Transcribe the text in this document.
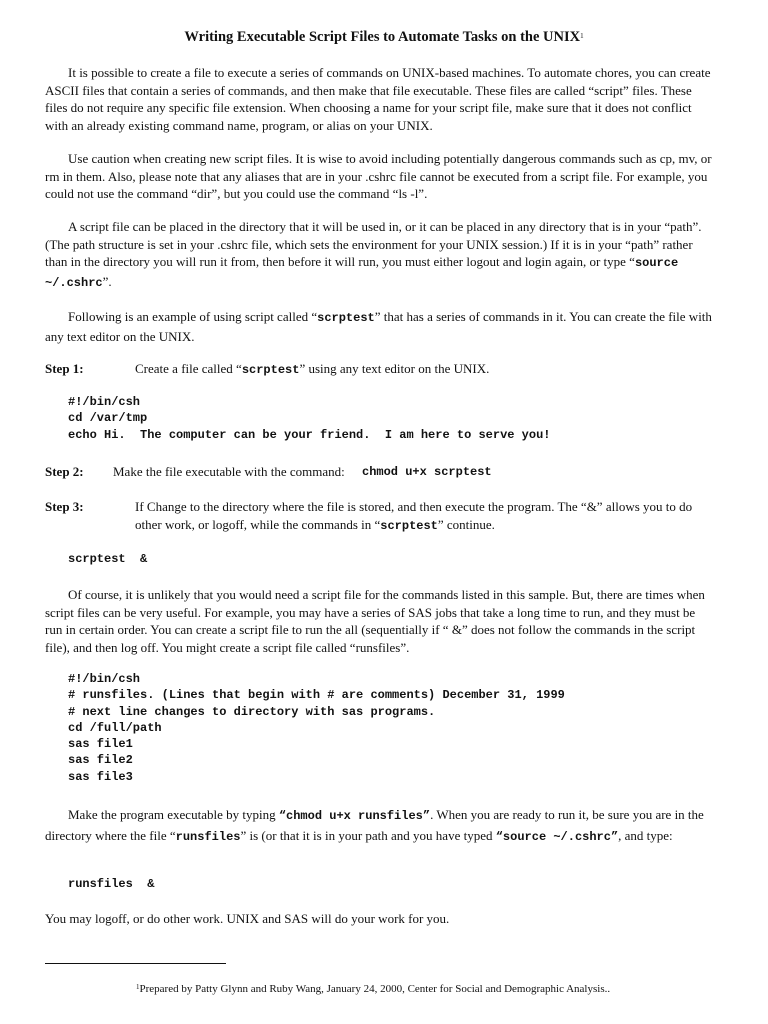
Writing Executable Script Files to Automate Tasks on the UNIX$^1$

It is possible to create a file to execute a series of commands on UNIX-based machines. To automate chores, you can create ASCII files that contain a series of commands, and then make that file executable. These files are called “script” files. These files do not require any specific file extension. When choosing a name for your script file, make sure that it does not conflict with an already existing command name, program, or alias on your UNIX.

Use caution when creating new script files. It is wise to avoid including potentially dangerous commands such as cp, mv, or rm in them. Also, please note that any aliases that are in your .cshrc file cannot be executed from a script file. For example, you could not use the command “dir”, but you could use the command “ls -l”.

A script file can be placed in the directory that it will be used in, or it can be placed in any directory that is in your “path”. (The path structure is set in your .cshrc file, which sets the environment for your UNIX session.) If it is in your “path” rather than in the directory you will run it from, then before it will run, you must either logout and login again, or type “source ~/.cshrc”.

Following is an example of using script called “scrptest” that has a series of commands in it. You can create the file with any text editor on the UNIX.

Step 1:	Create a file called “scrptest” using any text editor on the UNIX.
#!/bin/csh
cd /var/tmp
echo Hi.  The computer can be your friend.  I am here to serve you!
Step 2: Make the file executable with the command: chmod u+x scrptest
Step 3:	If Change to the directory where the file is stored, and then execute the program. The “&” allows you to do other work, or logoff, while the commands in “scrptest” continue.
scrptest  &

Of course, it is unlikely that you would need a script file for the commands listed in this sample. But, there are times when script files can be very useful. For example, you may have a series of SAS jobs that take a long time to run, and they must be run in certain order. You can create a script file to run the all (sequentially if “ &” does not follow the commands in the script file), and then log off. You might create a script file called “runsfiles”.

#!/bin/csh
# runsfiles. (Lines that begin with # are comments) December 31, 1999
# next line changes to directory with sas programs.
cd /full/path
sas file1
sas file2
sas file3

Make the program executable by typing “chmod u+x runsfiles”. When you are ready to run it, be sure you are in the directory where the file “runsfiles” is (or that it is in your path and you have typed “source ~/.cshrc”, and type:

runsfiles  &
You may logoff, or do other work. UNIX and SAS will do your work for you.
$^1$Prepared by Patty Glynn and Ruby Wang, January 24, 2000, Center for Social and Demographic Analysis..
